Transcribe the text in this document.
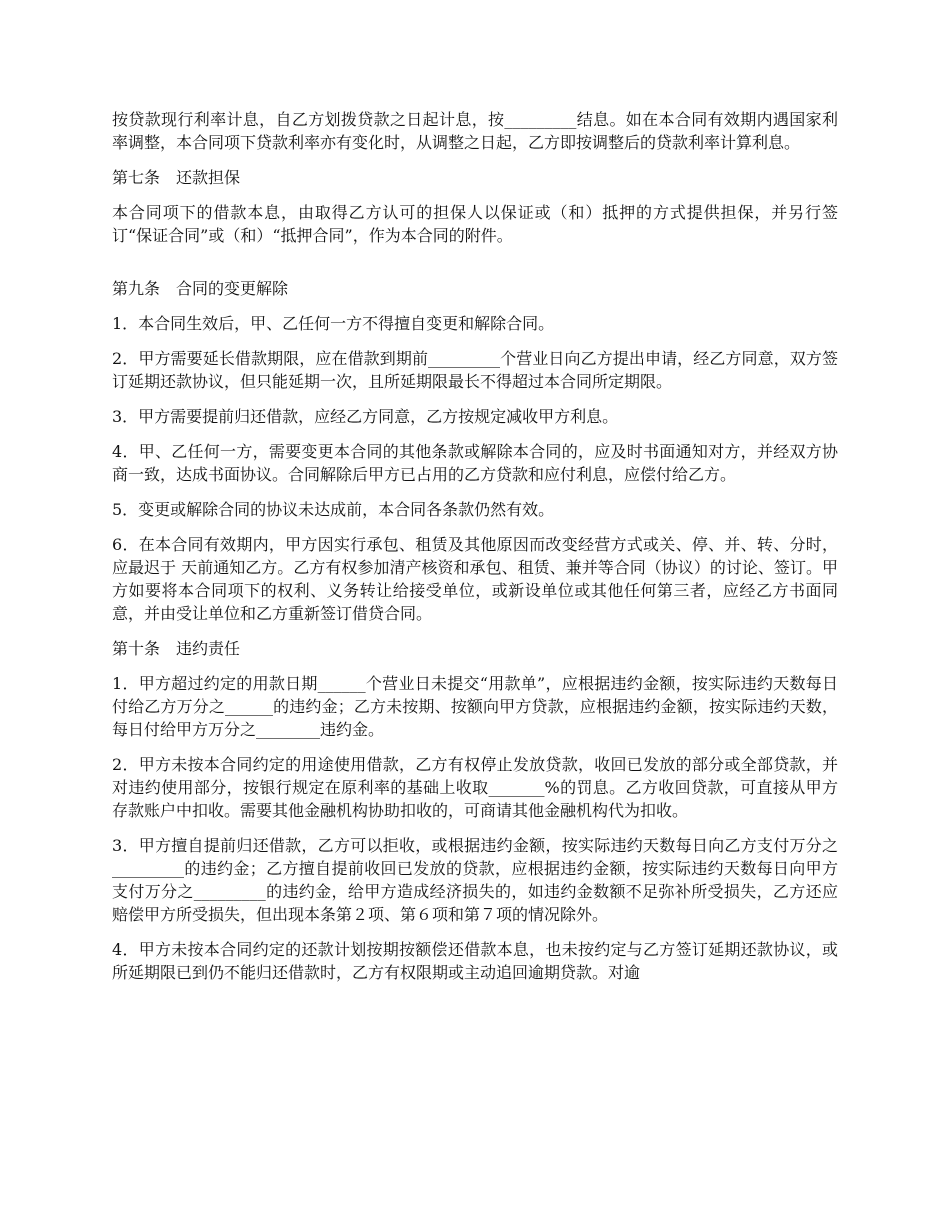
按贷款现行利率计息，自乙方划拨贷款之日起计息，按_________结息。如在本合同有效期内遇国家利率调整，本合同项下贷款利率亦有变化时，从调整之日起，乙方即按调整后的贷款利率计算利息。

第七条　还款担保

本合同项下的借款本息，由取得乙方认可的担保人以保证或（和）抵押的方式提供担保，并另行签订“保证合同”或（和）“抵押合同”，作为本合同的附件。

第九条　合同的变更解除

1．本合同生效后，甲、乙任何一方不得擅自变更和解除合同。

2．甲方需要延长借款期限，应在借款到期前_________个营业日向乙方提出申请，经乙方同意，双方签订延期还款协议，但只能延期一次，且所延期限最长不得超过本合同所定期限。

3．甲方需要提前归还借款，应经乙方同意，乙方按规定减收甲方利息。

4．甲、乙任何一方，需要变更本合同的其他条款或解除本合同的，应及时书面通知对方，并经双方协商一致，达成书面协议。合同解除后甲方已占用的乙方贷款和应付利息，应偿付给乙方。

5．变更或解除合同的协议未达成前，本合同各条款仍然有效。

6．在本合同有效期内，甲方因实行承包、租赁及其他原因而改变经营方式或关、停、并、转、分时，应最迟于 天前通知乙方。乙方有权参加清产核资和承包、租赁、兼并等合同（协议）的讨论、签订。甲方如要将本合同项下的权利、义务转让给接受单位，或新设单位或其他任何第三者，应经乙方书面同意，并由受让单位和乙方重新签订借贷合同。

第十条　违约责任

1．甲方超过约定的用款日期______个营业日未提交“用款单”，应根据违约金额，按实际违约天数每日付给乙方万分之______的违约金；乙方未按期、按额向甲方贷款，应根据违约金额，按实际违约天数，每日付给甲方万分之________违约金。

2．甲方未按本合同约定的用途使用借款，乙方有权停止发放贷款，收回已发放的部分或全部贷款，并对违约使用部分，按银行规定在原利率的基础上收取_______%的罚息。乙方收回贷款，可直接从甲方存款账户中扣收。需要其他金融机构协助扣收的，可商请其他金融机构代为扣收。

3．甲方擅自提前归还借款，乙方可以拒收，或根据违约金额，按实际违约天数每日向乙方支付万分之_________的违约金；乙方擅自提前收回已发放的贷款，应根据违约金额，按实际违约天数每日向甲方支付万分之_________的违约金，给甲方造成经济损失的，如违约金数额不足弥补所受损失，乙方还应赔偿甲方所受损失，但出现本条第２项、第６项和第７项的情况除外。

4．甲方未按本合同约定的还款计划按期按额偿还借款本息，也未按约定与乙方签订延期还款协议，或所延期限已到仍不能归还借款时，乙方有权限期或主动追回逾期贷款。对逾
